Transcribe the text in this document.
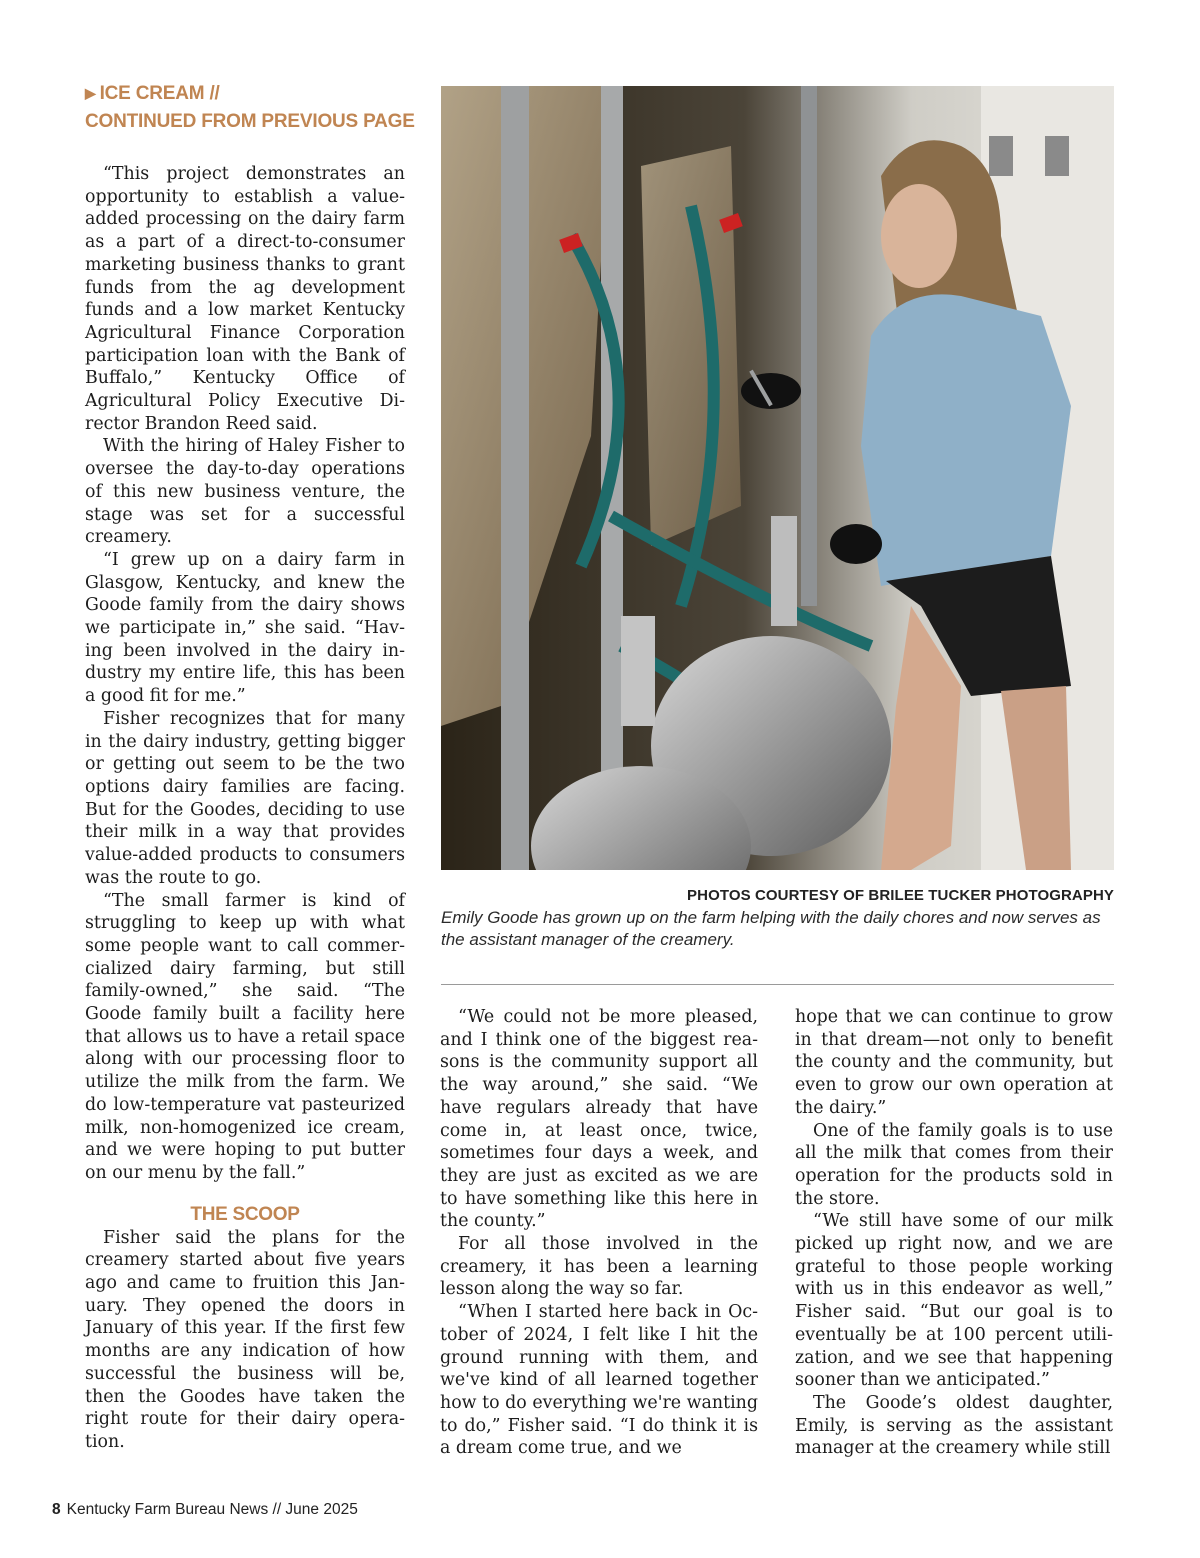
▶ ICE CREAM //
CONTINUED FROM PREVIOUS PAGE

“This project demonstrates an opportunity to establish a value-added processing on the dairy farm as a part of a direct-to-consumer marketing business thanks to grant funds from the ag development funds and a low market Kentucky Agricultural Finance Corporation participation loan with the Bank of Buffalo,” Kentucky Office of Agricultural Policy Executive Director Brandon Reed said.

With the hiring of Haley Fisher to oversee the day-to-day operations of this new business venture, the stage was set for a successful creamery.

“I grew up on a dairy farm in Glasgow, Kentucky, and knew the Goode family from the dairy shows we participate in,” she said. “Having been involved in the dairy industry my entire life, this has been a good fit for me.”

Fisher recognizes that for many in the dairy industry, getting bigger or getting out seem to be the two options dairy families are facing. But for the Goodes, deciding to use their milk in a way that provides value-added products to consumers was the route to go.

“The small farmer is kind of struggling to keep up with what some people want to call commercialized dairy farming, but still family-owned,” she said. “The Goode family built a facility here that allows us to have a retail space along with our processing floor to utilize the milk from the farm. We do low-temperature vat pasteurized milk, non-homogenized ice cream, and we were hoping to put butter on our menu by the fall.”

THE SCOOP

Fisher said the plans for the creamery started about five years ago and came to fruition this January. They opened the doors in January of this year. If the first few months are any indication of how successful the business will be, then the Goodes have taken the right route for their dairy operation.

PHOTOS COURTESY OF BRILEE TUCKER PHOTOGRAPHY
Emily Goode has grown up on the farm helping with the daily chores and now serves as the assistant manager of the creamery.

“We could not be more pleased, and I think one of the biggest reasons is the community support all the way around,” she said. “We have regulars already that have come in, at least once, twice, sometimes four days a week, and they are just as excited as we are to have something like this here in the county.”

For all those involved in the creamery, it has been a learning lesson along the way so far.

“When I started here back in October of 2024, I felt like I hit the ground running with them, and we've kind of all learned together how to do everything we're wanting to do,” Fisher said. “I do think it is a dream come true, and we

hope that we can continue to grow in that dream—not only to benefit the county and the community, but even to grow our own operation at the dairy.”

One of the family goals is to use all the milk that comes from their operation for the products sold in the store.

“We still have some of our milk picked up right now, and we are grateful to those people working with us in this endeavor as well,” Fisher said. “But our goal is to eventually be at 100 percent utilization, and we see that happening sooner than we anticipated.”

The Goode’s oldest daughter, Emily, is serving as the assistant manager at the creamery while still

8 Kentucky Farm Bureau News // June 2025
